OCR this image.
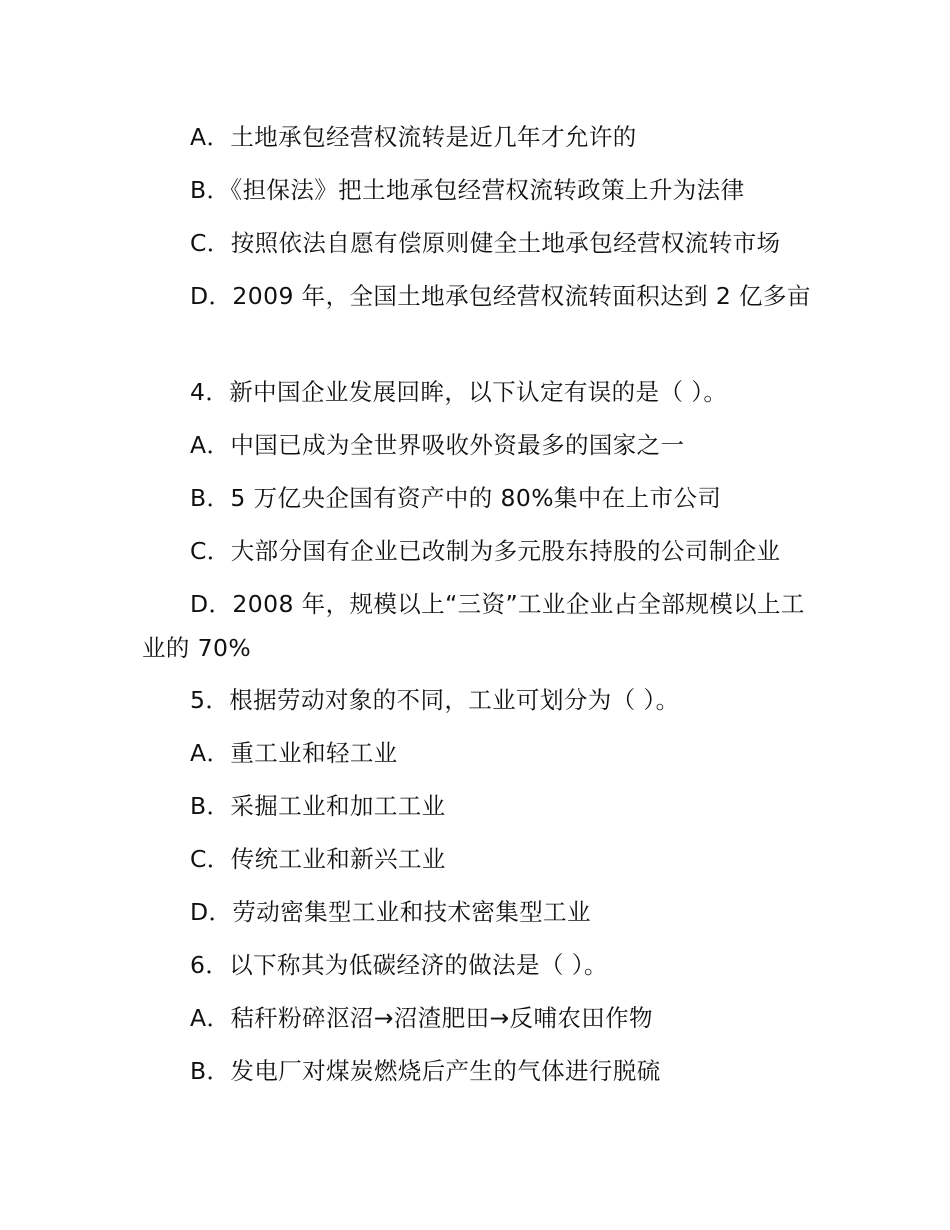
A．土地承包经营权流转是近几年才允许的

B．《担保法》把土地承包经营权流转政策上升为法律

C．按照依法自愿有偿原则健全土地承包经营权流转市场

D．2009 年，全国土地承包经营权流转面积达到 2 亿多亩

4．新中国企业发展回眸，以下认定有误的是（ ）。

A．中国已成为全世界吸收外资最多的国家之一

B．5 万亿央企国有资产中的 80%集中在上市公司

C．大部分国有企业已改制为多元股东持股的公司制企业

D．2008 年，规模以上“三资”工业企业占全部规模以上工业的 70%

5．根据劳动对象的不同，工业可划分为（ ）。

A．重工业和轻工业

B．采掘工业和加工工业

C．传统工业和新兴工业

D．劳动密集型工业和技术密集型工业

6．以下称其为低碳经济的做法是（ ）。

A．秸秆粉碎沤沼→沼渣肥田→反哺农田作物

B．发电厂对煤炭燃烧后产生的气体进行脱硫
